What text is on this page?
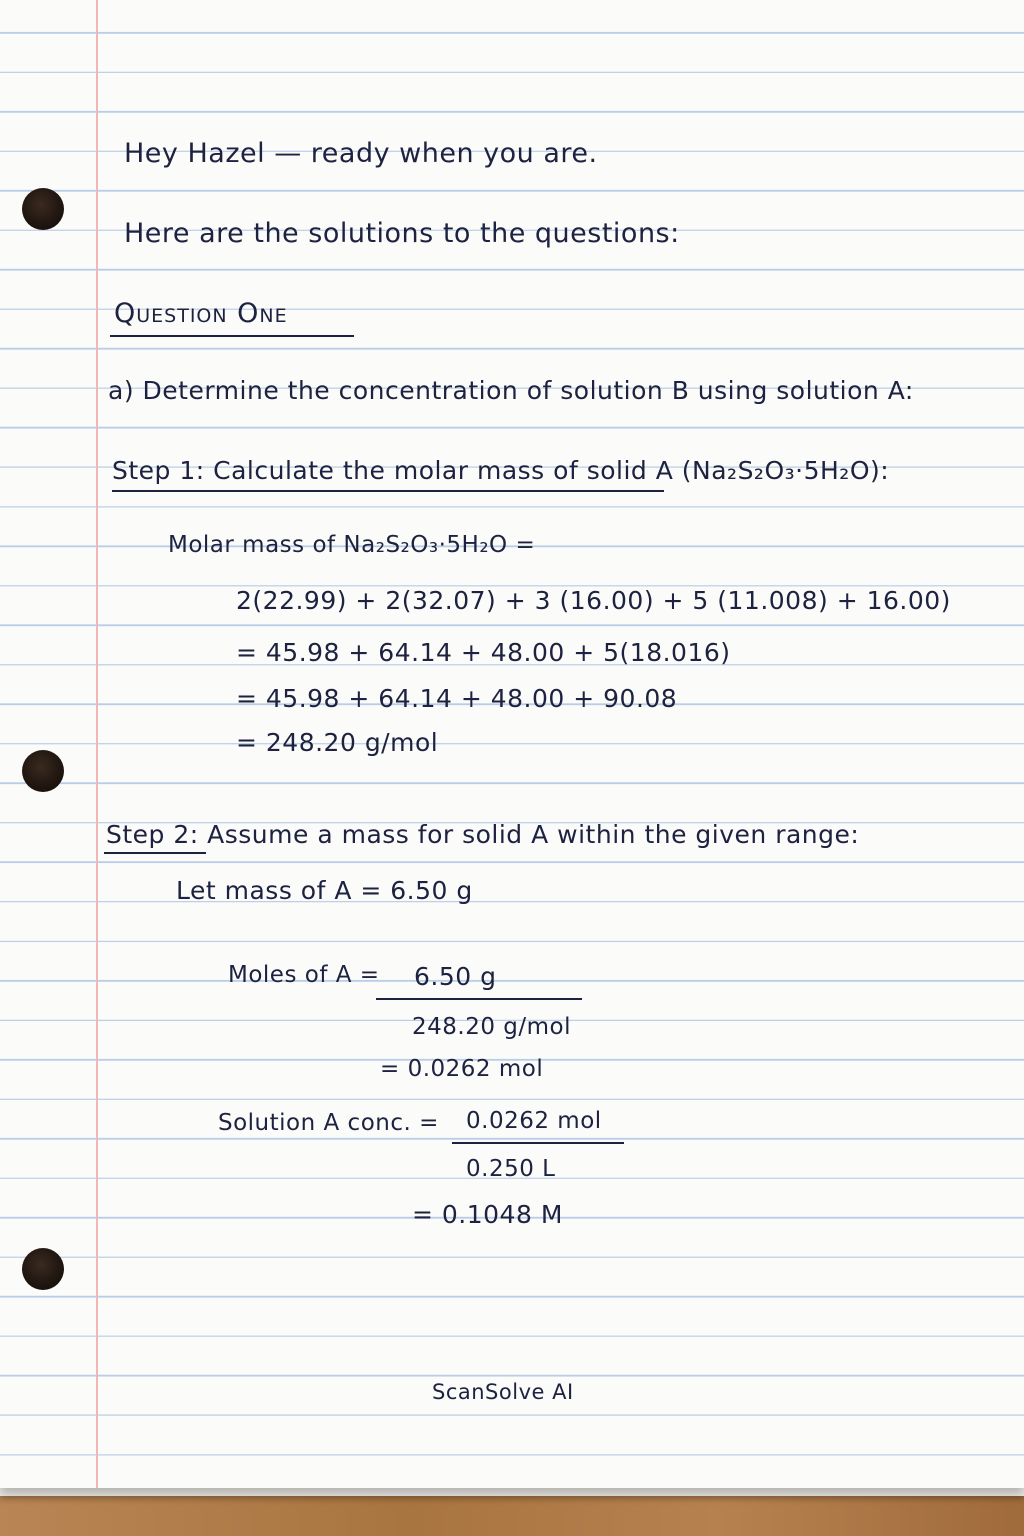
Hey Hazel — ready when you are.
Here are the solutions to the questions:
Question One
a) Determine the concentration of solution B using solution A:
Step 1: Calculate the molar mass of solid A (Na₂S₂O₃·5H₂O):
Molar mass of Na₂S₂O₃·5H₂O =
2(22.99) + 2(32.07) + 3 (16.00) + 5 (11.008) + 16.00)
= 45.98 + 64.14 + 48.00 + 5(18.016)
= 45.98 + 64.14 + 48.00 + 90.08
= 248.20 g/mol
Step 2: Assume a mass for solid A within the given range:
Let mass of A = 6.50 g
Moles of A = 6.50 g
248.20 g/mol
= 0.0262 mol
Solution A conc. = 0.0262 mol
0.250 L
= 0.1048 M
ScanSolve AI
